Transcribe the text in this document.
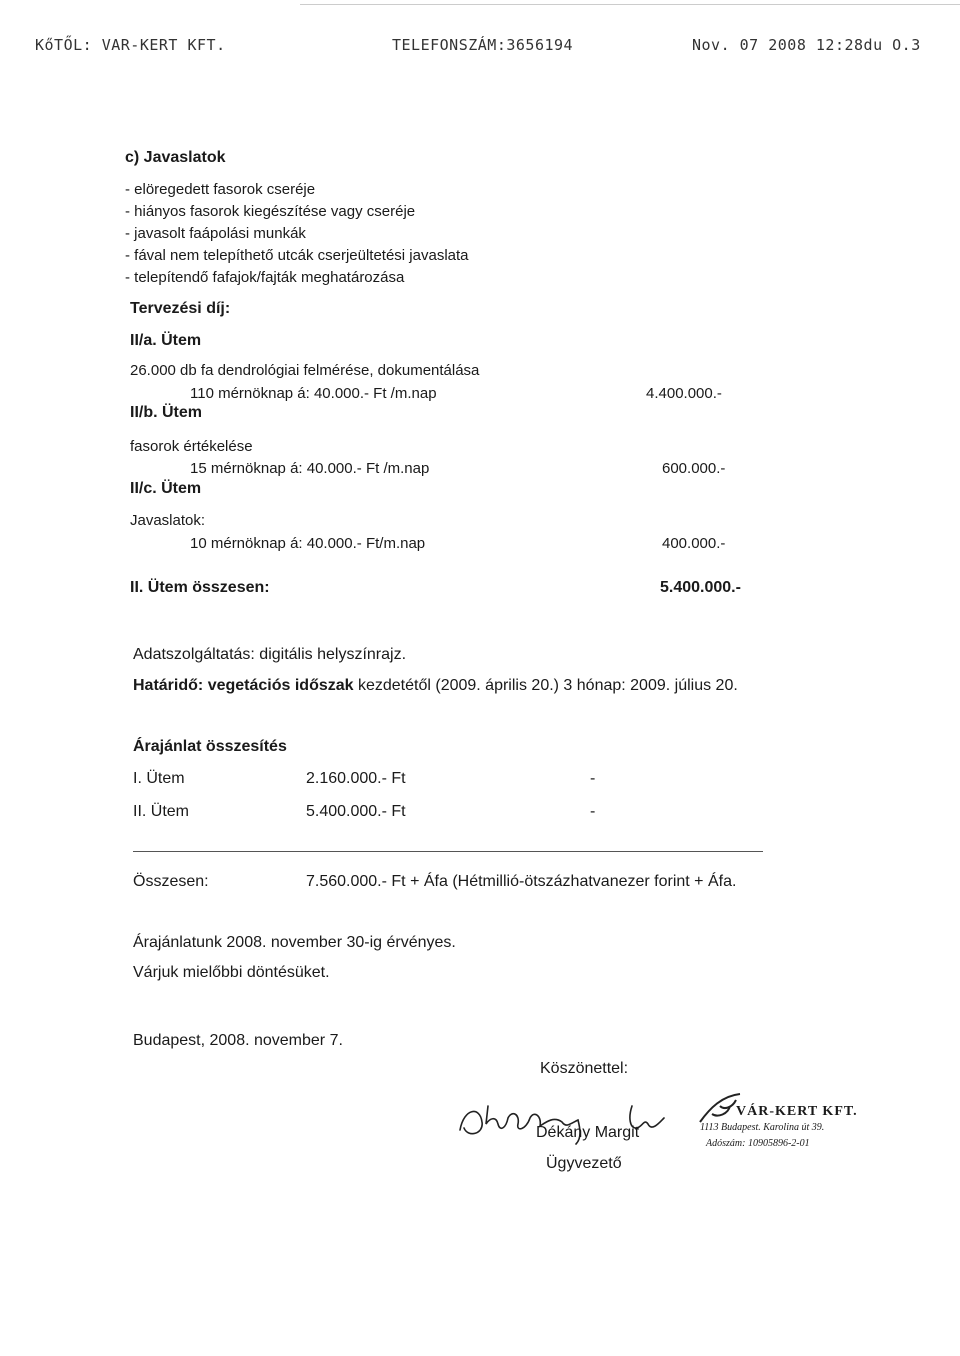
KőTŐL: VAR-KERT KFT.	TELEFONSZÁM:3656194	Nov. 07 2008 12:28du O.3
c) Javaslatok
- elöregedett fasorok cseréje
- hiányos fasorok kiegészítése vagy cseréje
- javasolt faápolási munkák
- fával nem telepíthető utcák cserjeültetési javaslata
- telepítendő fafajok/fajták meghatározása
Tervezési díj:
II/a. Ütem
26.000 db fa dendrológiai felmérése, dokumentálása
110 mérnöknap á: 40.000.- Ft /m.nap	4.400.000.-
II/b. Ütem
fasorok értékelése
15 mérnöknap á: 40.000.- Ft /m.nap	600.000.-
II/c. Ütem
Javaslatok:
10 mérnöknap á: 40.000.- Ft/m.nap	400.000.-
II. Ütem összesen:	5.400.000.-
Adatszolgáltatás: digitális helyszínrajz.
Határidő: vegetációs időszak kezdetétől (2009. április 20.) 3 hónap: 2009. július 20.
Árajánlat összesítés
I. Ütem	2.160.000.- Ft	-
II. Ütem	5.400.000.- Ft	-
Összesen:	7.560.000.- Ft + Áfa (Hétmillió-ötszázhatvanezer forint + Áfa.
Árajánlatunk 2008. november 30-ig érvényes.
Várjuk mielőbbi döntésüket.
Budapest, 2008. november 7.
Köszönettel:
Dékány Margit
Ügyvezető
VÁR-KERT KFT.
1113 Budapest. Karolina út 39.
Adószám: 10905896-2-01
